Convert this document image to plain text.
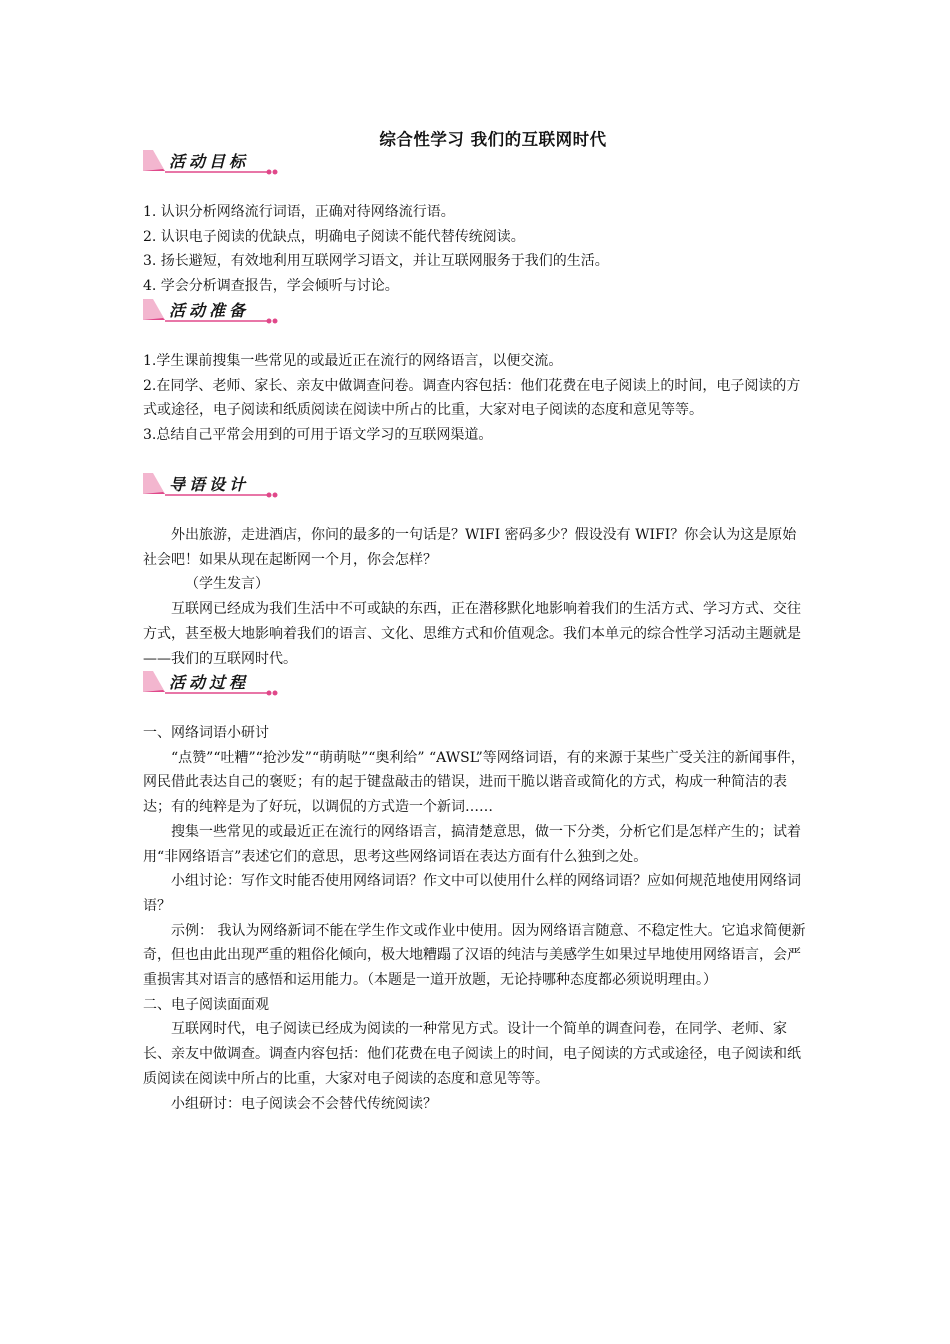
综合性学习 我们的互联网时代
活动目标

1. 认识分析网络流行词语，正确对待网络流行语。

2. 认识电子阅读的优缺点，明确电子阅读不能代替传统阅读。

3. 扬长避短，有效地利用互联网学习语文，并让互联网服务于我们的生活。

4. 学会分析调查报告，学会倾听与讨论。

活动准备

1.学生课前搜集一些常见的或最近正在流行的网络语言，以便交流。

2.在同学、老师、家长、亲友中做调查问卷。调查内容包括：他们花费在电子阅读上的时间，电子阅读的方式或途径，电子阅读和纸质阅读在阅读中所占的比重，大家对电子阅读的态度和意见等等。

3.总结自己平常会用到的可用于语文学习的互联网渠道。

导语设计

外出旅游，走进酒店，你问的最多的一句话是？WIFI 密码多少？假设没有 WIFI？你会认为这是原始社会吧！如果从现在起断网一个月，你会怎样？

（学生发言）

互联网已经成为我们生活中不可或缺的东西，正在潜移默化地影响着我们的生活方式、学习方式、交往方式，甚至极大地影响着我们的语言、文化、思维方式和价值观念。我们本单元的综合性学习活动主题就是——我们的互联网时代。

活动过程

一、网络词语小研讨

“点赞”“吐糟”“抢沙发”“萌萌哒”“奥利给” “AWSL”等网络词语，有的来源于某些广受关注的新闻事件，网民借此表达自己的褒贬；有的起于键盘敲击的错误，进而干脆以谐音或简化的方式，构成一种简洁的表达；有的纯粹是为了好玩，以调侃的方式造一个新词……

搜集一些常见的或最近正在流行的网络语言，搞清楚意思，做一下分类，分析它们是怎样产生的；试着用“非网络语言”表述它们的意思，思考这些网络词语在表达方面有什么独到之处。

小组讨论：写作文时能否使用网络词语？作文中可以使用什么样的网络词语？应如何规范地使用网络词语？

示例： 我认为网络新词不能在学生作文或作业中使用。因为网络语言随意、不稳定性大。它追求简便新奇，但也由此出现严重的粗俗化倾向，极大地糟蹋了汉语的纯洁与美感学生如果过早地使用网络语言，会严重损害其对语言的感悟和运用能力。（本题是一道开放题，无论持哪种态度都必须说明理由。）

二、电子阅读面面观

互联网时代，电子阅读已经成为阅读的一种常见方式。设计一个简单的调查问卷，在同学、老师、家长、亲友中做调查。调查内容包括：他们花费在电子阅读上的时间，电子阅读的方式或途径，电子阅读和纸质阅读在阅读中所占的比重，大家对电子阅读的态度和意见等等。

小组研讨：电子阅读会不会替代传统阅读？
